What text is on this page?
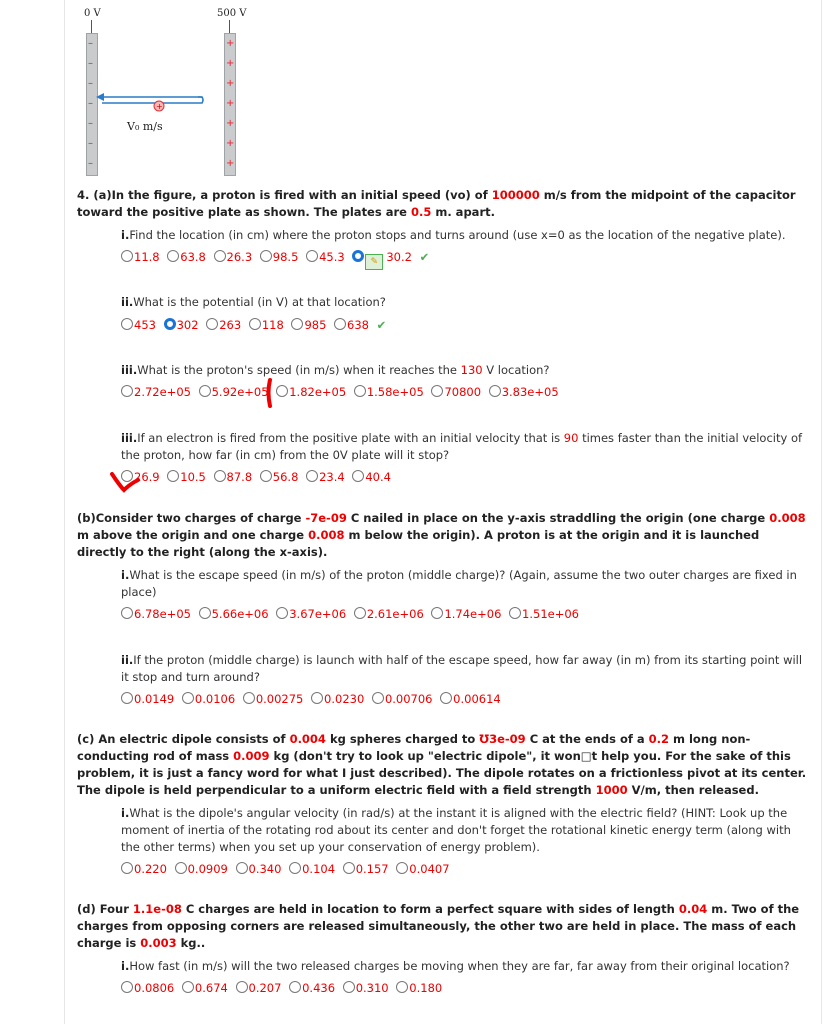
0 V	500 V
–
–
–
–
–
–
–
+
+
+
+
+
+
+
+
V₀ m/s
4. (a)In the figure, a proton is fired with an initial speed (vo) of 100000 m/s from the midpoint of the capacitor toward the positive plate as shown. The plates are 0.5 m. apart.
i.Find the location (in cm) where the proton stops and turns around (use x=0 as the location of the negative plate).
11.8 63.8 26.3 98.5 45.3	✎ 30.2 ✔
ii.What is the potential (in V) at that location?
453 302 263 118 985 638 ✔
iii.What is the proton's speed (in m/s) when it reaches the 130 V location?
2.72e+05 5.92e+05 1.82e+05 1.58e+05 70800 3.83e+05
iii.If an electron is fired from the positive plate with an initial velocity that is 90 times faster than the initial velocity of the proton, how far (in cm) from the 0V plate will it stop?
26.9 10.5 87.8 56.8 23.4 40.4
(b)Consider two charges of charge -7e-09 C nailed in place on the y-axis straddling the origin (one charge 0.008 m above the origin and one charge 0.008 m below the origin). A proton is at the origin and it is launched directly to the right (along the x-axis).
i.What is the escape speed (in m/s) of the proton (middle charge)? (Again, assume the two outer charges are fixed in place)
6.78e+05 5.66e+06 3.67e+06 2.61e+06 1.74e+06 1.51e+06
ii.If the proton (middle charge) is launch with half of the escape speed, how far away (in m) from its starting point will it stop and turn around?
0.0149 0.0106 0.00275 0.0230 0.00706 0.00614
(c) An electric dipole consists of 0.004 kg spheres charged to ℧3e-09 C at the ends of a 0.2 m long non-conducting rod of mass 0.009 kg (don't try to look up "electric dipole", it won□t help you. For the sake of this problem, it is just a fancy word for what I just described). The dipole rotates on a frictionless pivot at its center. The dipole is held perpendicular to a uniform electric field with a field strength 1000 V/m, then released.
i.What is the dipole's angular velocity (in rad/s) at the instant it is aligned with the electric field? (HINT: Look up the moment of inertia of the rotating rod about its center and don't forget the rotational kinetic energy term (along with the other terms) when you set up your conservation of energy problem).
0.220 0.0909 0.340 0.104 0.157 0.0407
(d) Four 1.1e-08 C charges are held in location to form a perfect square with sides of length 0.04 m. Two of the charges from opposing corners are released simultaneously, the other two are held in place. The mass of each charge is 0.003 kg..
i.How fast (in m/s) will the two released charges be moving when they are far, far away from their original location?
0.0806 0.674 0.207 0.436 0.310 0.180
